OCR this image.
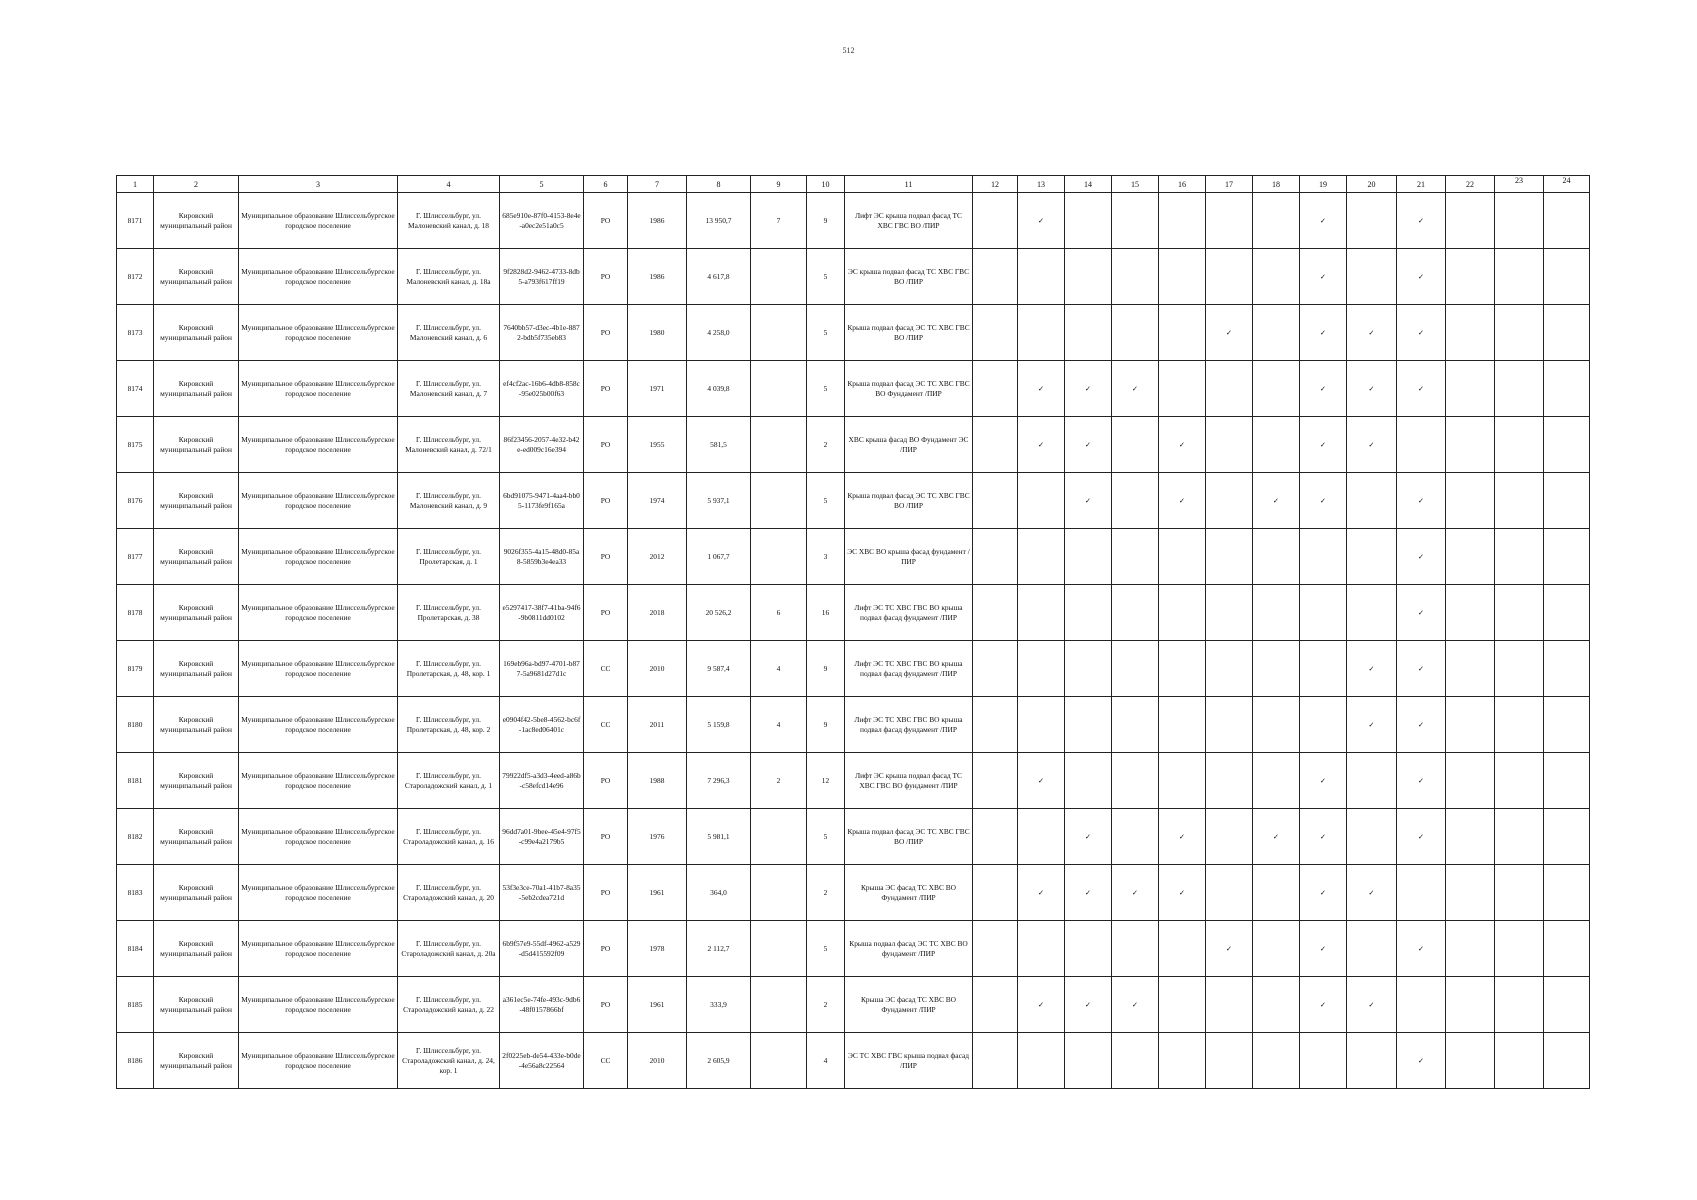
512
1	2	3	4	5	6	7	8	9	10	11	12	13	14	15	16	17	18	19	20	21	22	23	24
8171	Кировский муниципальный район	Муниципальное образование Шлиссельбургское городское поселение	Г. Шлиссельбург, ул. Малоневский канал, д. 18	685e910e-87f0-4153-8e4e-a0ec2e51a0c5	РО	1986	13 950,7	7	9	Лифт ЭС крыша подвал фасад ТС ХВС ГВС ВО /ПИР		✓						✓		✓			
8172	Кировский муниципальный район	Муниципальное образование Шлиссельбургское городское поселение	Г. Шлиссельбург, ул. Малоневский канал, д. 18а	9f2828d2-9462-4733-8db5-a793f617ff19	РО	1986	4 617,8		5	ЭС крыша подвал фасад ТС ХВС ГВС ВО /ПИР								✓		✓			
8173	Кировский муниципальный район	Муниципальное образование Шлиссельбургское городское поселение	Г. Шлиссельбург, ул. Малоневский канал, д. 6	7640bb57-d3ec-4b1e-8872-bdb5f735eb83	РО	1980	4 258,0		5	Крыша подвал фасад ЭС ТС ХВС ГВС ВО /ПИР						✓		✓	✓	✓			
8174	Кировский муниципальный район	Муниципальное образование Шлиссельбургское городское поселение	Г. Шлиссельбург, ул. Малоневский канал, д. 7	ef4cf2ac-16b6-4db8-858c-95e025b00f63	РО	1971	4 039,8		5	Крыша подвал фасад ЭС ТС ХВС ГВС ВО Фундамент /ПИР		✓	✓	✓				✓	✓	✓			
8175	Кировский муниципальный район	Муниципальное образование Шлиссельбургское городское поселение	Г. Шлиссельбург, ул. Малоневский канал, д. 72/1	86f23456-2057-4e32-b42e-ed009c16e394	РО	1955	581,5		2	ХВС крыша фасад ВО Фундамент ЭС /ПИР		✓	✓		✓			✓	✓				
8176	Кировский муниципальный район	Муниципальное образование Шлиссельбургское городское поселение	Г. Шлиссельбург, ул. Малоневский канал, д. 9	6bd91075-9471-4aa4-bb05-1173fe9f165a	РО	1974	5 937,1		5	Крыша подвал фасад ЭС ТС ХВС ГВС ВО /ПИР			✓		✓		✓	✓		✓			
8177	Кировский муниципальный район	Муниципальное образование Шлиссельбургское городское поселение	Г. Шлиссельбург, ул. Пролетарская, д. 1	9026f355-4a15-48d0-85a8-5859b3e4ea33	РО	2012	1 067,7		3	ЭС ХВС ВО крыша фасад фундамент /ПИР										✓			
8178	Кировский муниципальный район	Муниципальное образование Шлиссельбургское городское поселение	Г. Шлиссельбург, ул. Пролетарская, д. 38	e5297417-38f7-41ba-94f6-9b0811dd0102	РО	2018	20 526,2	6	16	Лифт ЭС ТС ХВС ГВС ВО крыша подвал фасад фундамент /ПИР										✓			
8179	Кировский муниципальный район	Муниципальное образование Шлиссельбургское городское поселение	Г. Шлиссельбург, ул. Пролетарская, д. 48, кор. 1	169eb96a-bd97-4701-b877-5a9681d27d1c	СС	2010	9 587,4	4	9	Лифт ЭС ТС ХВС ГВС ВО крыша подвал фасад фундамент /ПИР									✓	✓			
8180	Кировский муниципальный район	Муниципальное образование Шлиссельбургское городское поселение	Г. Шлиссельбург, ул. Пролетарская, д. 48, кор. 2	e0904f42-5be8-4562-bc6f-1ac8ed06401c	СС	2011	5 159,8	4	9	Лифт ЭС ТС ХВС ГВС ВО крыша подвал фасад фундамент /ПИР									✓	✓			
8181	Кировский муниципальный район	Муниципальное образование Шлиссельбургское городское поселение	Г. Шлиссельбург, ул. Староладожский канал, д. 1	79922df5-a3d3-4eed-a86b-c58efcd14e96	РО	1988	7 296,3	2	12	Лифт ЭС крыша подвал фасад ТС ХВС ГВС ВО фундамент /ПИР		✓						✓		✓			
8182	Кировский муниципальный район	Муниципальное образование Шлиссельбургское городское поселение	Г. Шлиссельбург, ул. Староладожский канал, д. 16	96dd7a01-9bee-45e4-97f5-c99e4a2179b5	РО	1976	5 981,1		5	Крыша подвал фасад ЭС ТС ХВС ГВС ВО /ПИР			✓		✓		✓	✓		✓			
8183	Кировский муниципальный район	Муниципальное образование Шлиссельбургское городское поселение	Г. Шлиссельбург, ул. Староладожский канал, д. 20	53f3e3ce-70a1-41b7-8a35-5eb2cdea721d	РО	1961	364,0		2	Крыша ЭС фасад ТС ХВС ВО Фундамент /ПИР		✓	✓	✓	✓			✓	✓				
8184	Кировский муниципальный район	Муниципальное образование Шлиссельбургское городское поселение	Г. Шлиссельбург, ул. Староладожский канал, д. 20а	6b9f57e9-55df-4962-a529-d5d415592f09	РО	1978	2 112,7		5	Крыша подвал фасад ЭС ТС ХВС ВО фундамент /ПИР						✓		✓		✓			
8185	Кировский муниципальный район	Муниципальное образование Шлиссельбургское городское поселение	Г. Шлиссельбург, ул. Староладожский канал, д. 22	a361ec5e-74fe-493c-9db6-48f0157866bf	РО	1961	333,9		2	Крыша ЭС фасад ТС ХВС ВО Фундамент /ПИР		✓	✓	✓				✓	✓				
8186	Кировский муниципальный район	Муниципальное образование Шлиссельбургское городское поселение	Г. Шлиссельбург, ул. Староладожский канал, д. 24, кор. 1	2f0225eb-de54-433e-b0de-4e56a8c22564	СС	2010	2 605,9		4	ЭС ТС ХВС ГВС крыша подвал фасад /ПИР										✓			
